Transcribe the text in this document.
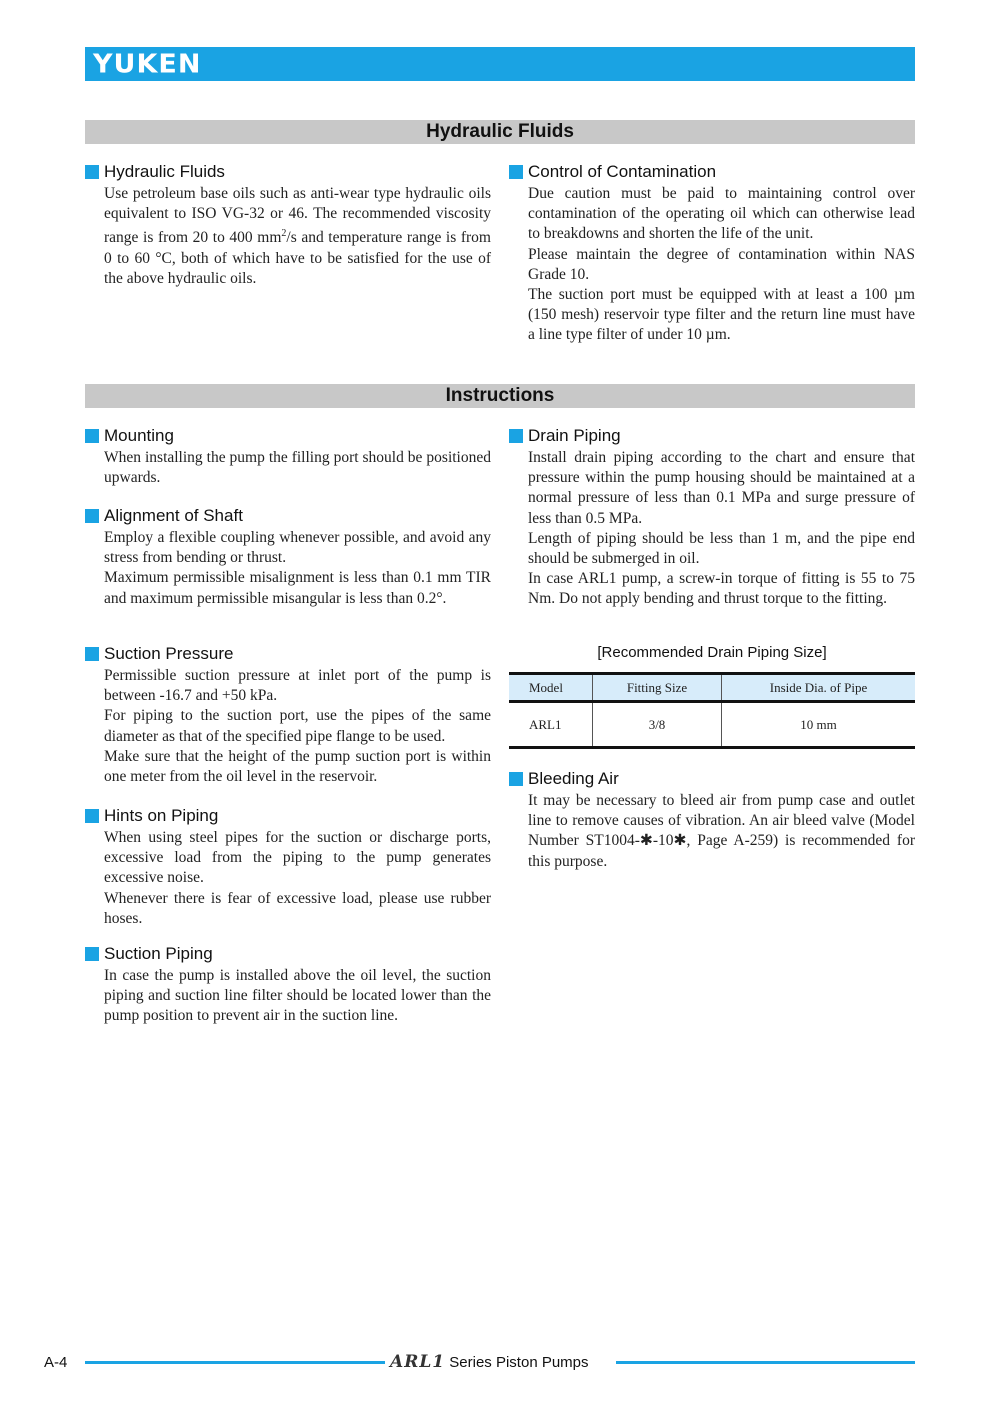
YUKEN
Hydraulic Fluids
Hydraulic Fluids

Use petroleum base oils such as anti-wear type hydraulic oils equivalent to ISO VG-32 or 46. The recommended viscosity range is from 20 to 400 $mm^2/s$ and temperature range is from 0 to 60 °C, both of which have to be satisfied for the use of the above hydraulic oils.

Control of Contamination

Due caution must be paid to maintaining control over contamination of the operating oil which can otherwise lead to breakdowns and shorten the life of the unit.

Please maintain the degree of contamination within NAS Grade 10.

The suction port must be equipped with at least a 100 µm (150 mesh) reservoir type filter and the return line must have a line type filter of under 10 µm.

Instructions
Mounting

When installing the pump the filling port should be positioned upwards.

Alignment of Shaft

Employ a flexible coupling whenever possible, and avoid any stress from bending or thrust.

Maximum permissible misalignment is less than 0.1 mm TIR and maximum permissible misangular is less than 0.2°.

Suction Pressure

Permissible suction pressure at inlet port of the pump is between -16.7 and +50 kPa.

For piping to the suction port, use the pipes of the same diameter as that of the specified pipe flange to be used.

Make sure that the height of the pump suction port is within one meter from the oil level in the reservoir.

Hints on Piping

When using steel pipes for the suction or discharge ports, excessive load from the piping to the pump generates excessive noise.

Whenever there is fear of excessive load, please use rubber hoses.

Suction Piping

In case the pump is installed above the oil level, the suction piping and suction line filter should be located lower than the pump position to prevent air in the suction line.

Drain Piping

Install drain piping according to the chart and ensure that pressure within the pump housing should be maintained at a normal pressure of less than 0.1 MPa and surge pressure of less than 0.5 MPa.

Length of piping should be less than 1 m, and the pipe end should be submerged in oil.

In case ARL1 pump, a screw-in torque of fitting is 55 to 75 Nm. Do not apply bending and thrust torque to the fitting.

[Recommended Drain Piping Size]
Model	Fitting Size	Inside Dia. of Pipe
ARL1	3/8	10 mm
Bleeding Air

It may be necessary to bleed air from pump case and outlet line to remove causes of vibration. An air bleed valve (Model Number ST1004-✱-10✱, Page A-259) is recommended for this purpose.

A-4	ARL1 Series Piston Pumps
